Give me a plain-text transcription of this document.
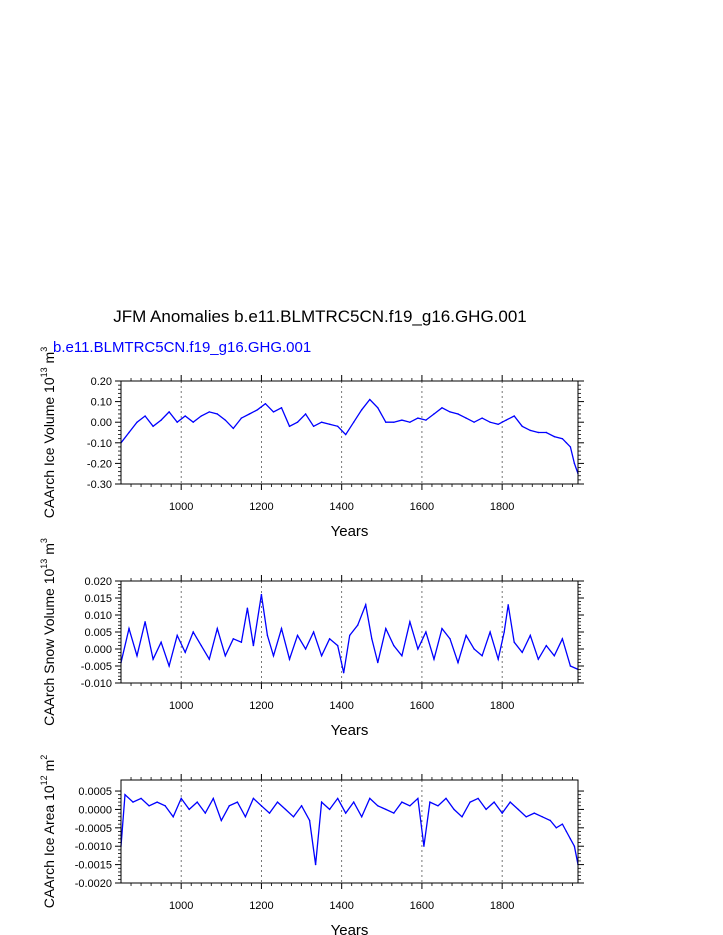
JFM Anomalies b.e11.BLMTRC5CN.f19_g16.GHG.001
b.e11.BLMTRC5CN.f19_g16.GHG.001
1000	1200	1400	1600	1800
0.20
0.10
0.00
-0.10
-0.20
-0.30
Years
CAArch Ice Volume $10^{13}$ $m^3$
1000	1200	1400	1600	1800
0.020
0.015
0.010
0.005
0.000
-0.005
-0.010
Years
CAArch Snow Volume $10^{13}$ $m^3$
1000	1200	1400	1600	1800
0.0005
0.0000
-0.0005
-0.0010
-0.0015
-0.0020
Years
CAArch Ice Area $10^{12}$ $m^2$
